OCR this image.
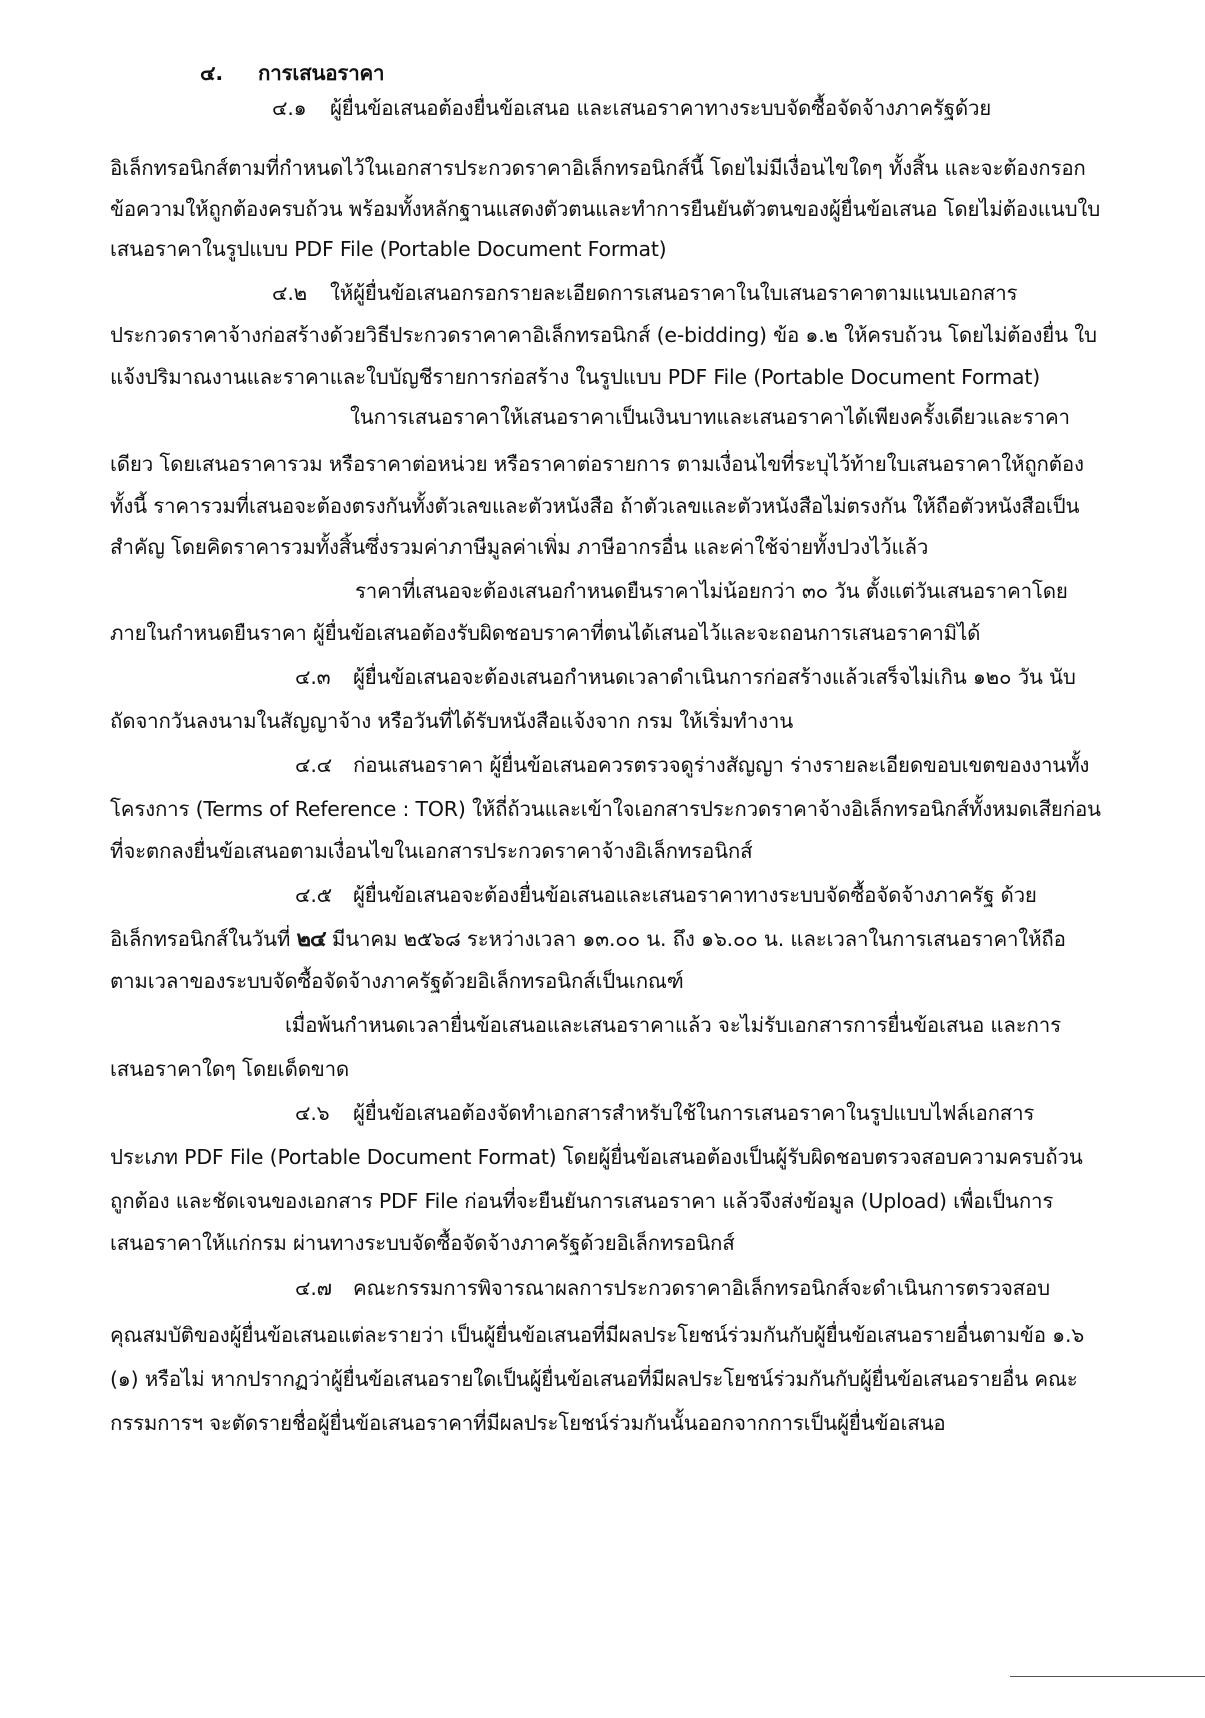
๔. การเสนอราคา
๔.๑ ผู้ยื่นข้อเสนอต้องยื่นข้อเสนอ และเสนอราคาทางระบบจัดซื้อจัดจ้างภาครัฐด้วย
อิเล็กทรอนิกส์ตามที่กำหนดไว้ในเอกสารประกวดราคาอิเล็กทรอนิกส์นี้ โดยไม่มีเงื่อนไขใดๆ ทั้งสิ้น และจะต้องกรอก
ข้อความให้ถูกต้องครบถ้วน พร้อมทั้งหลักฐานแสดงตัวตนและทำการยืนยันตัวตนของผู้ยื่นข้อเสนอ โดยไม่ต้องแนบใบ
เสนอราคาในรูปแบบ PDF File (Portable Document Format)
๔.๒ ให้ผู้ยื่นข้อเสนอกรอกรายละเอียดการเสนอราคาในใบเสนอราคาตามแนบเอกสาร
ประกวดราคาจ้างก่อสร้างด้วยวิธีประกวดราคาคาอิเล็กทรอนิกส์ (e-bidding) ข้อ ๑.๒ ให้ครบถ้วน โดยไม่ต้องยื่น ใบ
แจ้งปริมาณงานและราคาและใบบัญชีรายการก่อสร้าง ในรูปแบบ PDF File (Portable Document Format)
ในการเสนอราคาให้เสนอราคาเป็นเงินบาทและเสนอราคาได้เพียงครั้งเดียวและราคา
เดียว โดยเสนอราคารวม หรือราคาต่อหน่วย หรือราคาต่อรายการ ตามเงื่อนไขที่ระบุไว้ท้ายใบเสนอราคาให้ถูกต้อง
ทั้งนี้ ราคารวมที่เสนอจะต้องตรงกันทั้งตัวเลขและตัวหนังสือ ถ้าตัวเลขและตัวหนังสือไม่ตรงกัน ให้ถือตัวหนังสือเป็น
สำคัญ โดยคิดราคารวมทั้งสิ้นซึ่งรวมค่าภาษีมูลค่าเพิ่ม ภาษีอากรอื่น และค่าใช้จ่ายทั้งปวงไว้แล้ว
ราคาที่เสนอจะต้องเสนอกำหนดยืนราคาไม่น้อยกว่า ๓๐ วัน ตั้งแต่วันเสนอราคาโดย
ภายในกำหนดยืนราคา ผู้ยื่นข้อเสนอต้องรับผิดชอบราคาที่ตนได้เสนอไว้และจะถอนการเสนอราคามิได้
๔.๓ ผู้ยื่นข้อเสนอจะต้องเสนอกำหนดเวลาดำเนินการก่อสร้างแล้วเสร็จไม่เกิน ๑๒๐ วัน นับ
ถัดจากวันลงนามในสัญญาจ้าง หรือวันที่ได้รับหนังสือแจ้งจาก กรม ให้เริ่มทำงาน
๔.๔ ก่อนเสนอราคา ผู้ยื่นข้อเสนอควรตรวจดูร่างสัญญา ร่างรายละเอียดขอบเขตของงานทั้ง
โครงการ (Terms of Reference : TOR) ให้ถี่ถ้วนและเข้าใจเอกสารประกวดราคาจ้างอิเล็กทรอนิกส์ทั้งหมดเสียก่อน
ที่จะตกลงยื่นข้อเสนอตามเงื่อนไขในเอกสารประกวดราคาจ้างอิเล็กทรอนิกส์
๔.๕ ผู้ยื่นข้อเสนอจะต้องยื่นข้อเสนอและเสนอราคาทางระบบจัดซื้อจัดจ้างภาครัฐ ด้วย
อิเล็กทรอนิกส์ในวันที่ ๒๔ มีนาคม ๒๕๖๘ ระหว่างเวลา ๑๓.๐๐ น. ถึง ๑๖.๐๐ น. และเวลาในการเสนอราคาให้ถือ
ตามเวลาของระบบจัดซื้อจัดจ้างภาครัฐด้วยอิเล็กทรอนิกส์เป็นเกณฑ์
เมื่อพ้นกำหนดเวลายื่นข้อเสนอและเสนอราคาแล้ว จะไม่รับเอกสารการยื่นข้อเสนอ และการ
เสนอราคาใดๆ โดยเด็ดขาด
๔.๖ ผู้ยื่นข้อเสนอต้องจัดทำเอกสารสำหรับใช้ในการเสนอราคาในรูปแบบไฟล์เอกสาร
ประเภท PDF File (Portable Document Format) โดยผู้ยื่นข้อเสนอต้องเป็นผู้รับผิดชอบตรวจสอบความครบถ้วน
ถูกต้อง และชัดเจนของเอกสาร PDF File ก่อนที่จะยืนยันการเสนอราคา แล้วจึงส่งข้อมูล (Upload) เพื่อเป็นการ
เสนอราคาให้แก่กรม ผ่านทางระบบจัดซื้อจัดจ้างภาครัฐด้วยอิเล็กทรอนิกส์
๔.๗ คณะกรรมการพิจารณาผลการประกวดราคาอิเล็กทรอนิกส์จะดำเนินการตรวจสอบ
คุณสมบัติของผู้ยื่นข้อเสนอแต่ละรายว่า เป็นผู้ยื่นข้อเสนอที่มีผลประโยชน์ร่วมกันกับผู้ยื่นข้อเสนอรายอื่นตามข้อ ๑.๖
(๑) หรือไม่ หากปรากฏว่าผู้ยื่นข้อเสนอรายใดเป็นผู้ยื่นข้อเสนอที่มีผลประโยชน์ร่วมกันกับผู้ยื่นข้อเสนอรายอื่น คณะ
กรรมการฯ จะตัดรายชื่อผู้ยื่นข้อเสนอราคาที่มีผลประโยชน์ร่วมกันนั้นออกจากการเป็นผู้ยื่นข้อเสนอ
